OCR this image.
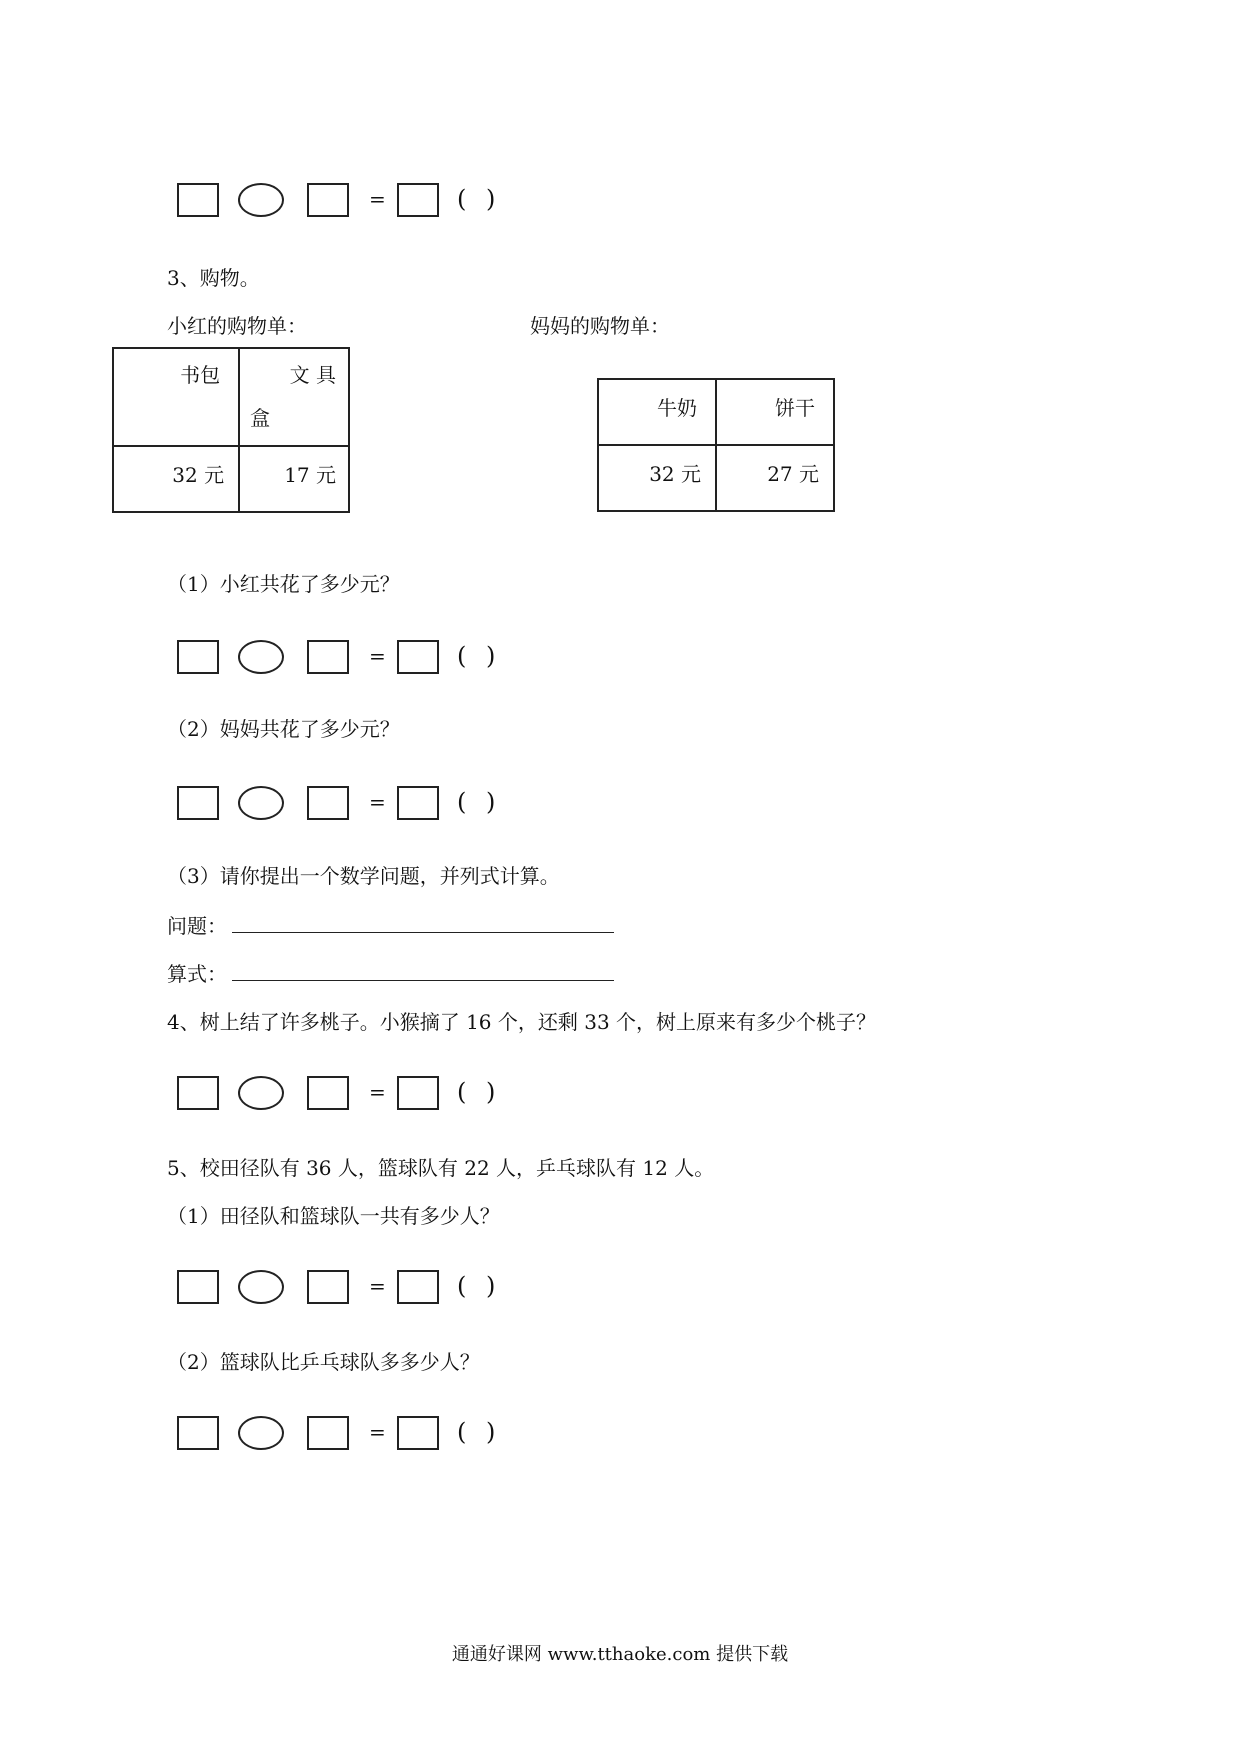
=	( )
3、购物。
小红的购物单：	妈妈的购物单：
书包	文 具
盒

32 元	17 元
牛奶	饼干
32 元	27 元
（1）小红共花了多少元？
=	( )
（2）妈妈共花了多少元？
=	( )
（3）请你提出一个数学问题，并列式计算。
问题：
算式：
4、树上结了许多桃子。小猴摘了 16 个，还剩 33 个，树上原来有多少个桃子？
=	( )
5、校田径队有 36 人，篮球队有 22 人，乒乓球队有 12 人。
（1）田径队和篮球队一共有多少人？
=	( )
（2）篮球队比乒乓球队多多少人？
=	( )
通通好课网 www.tthaoke.com 提供下载
